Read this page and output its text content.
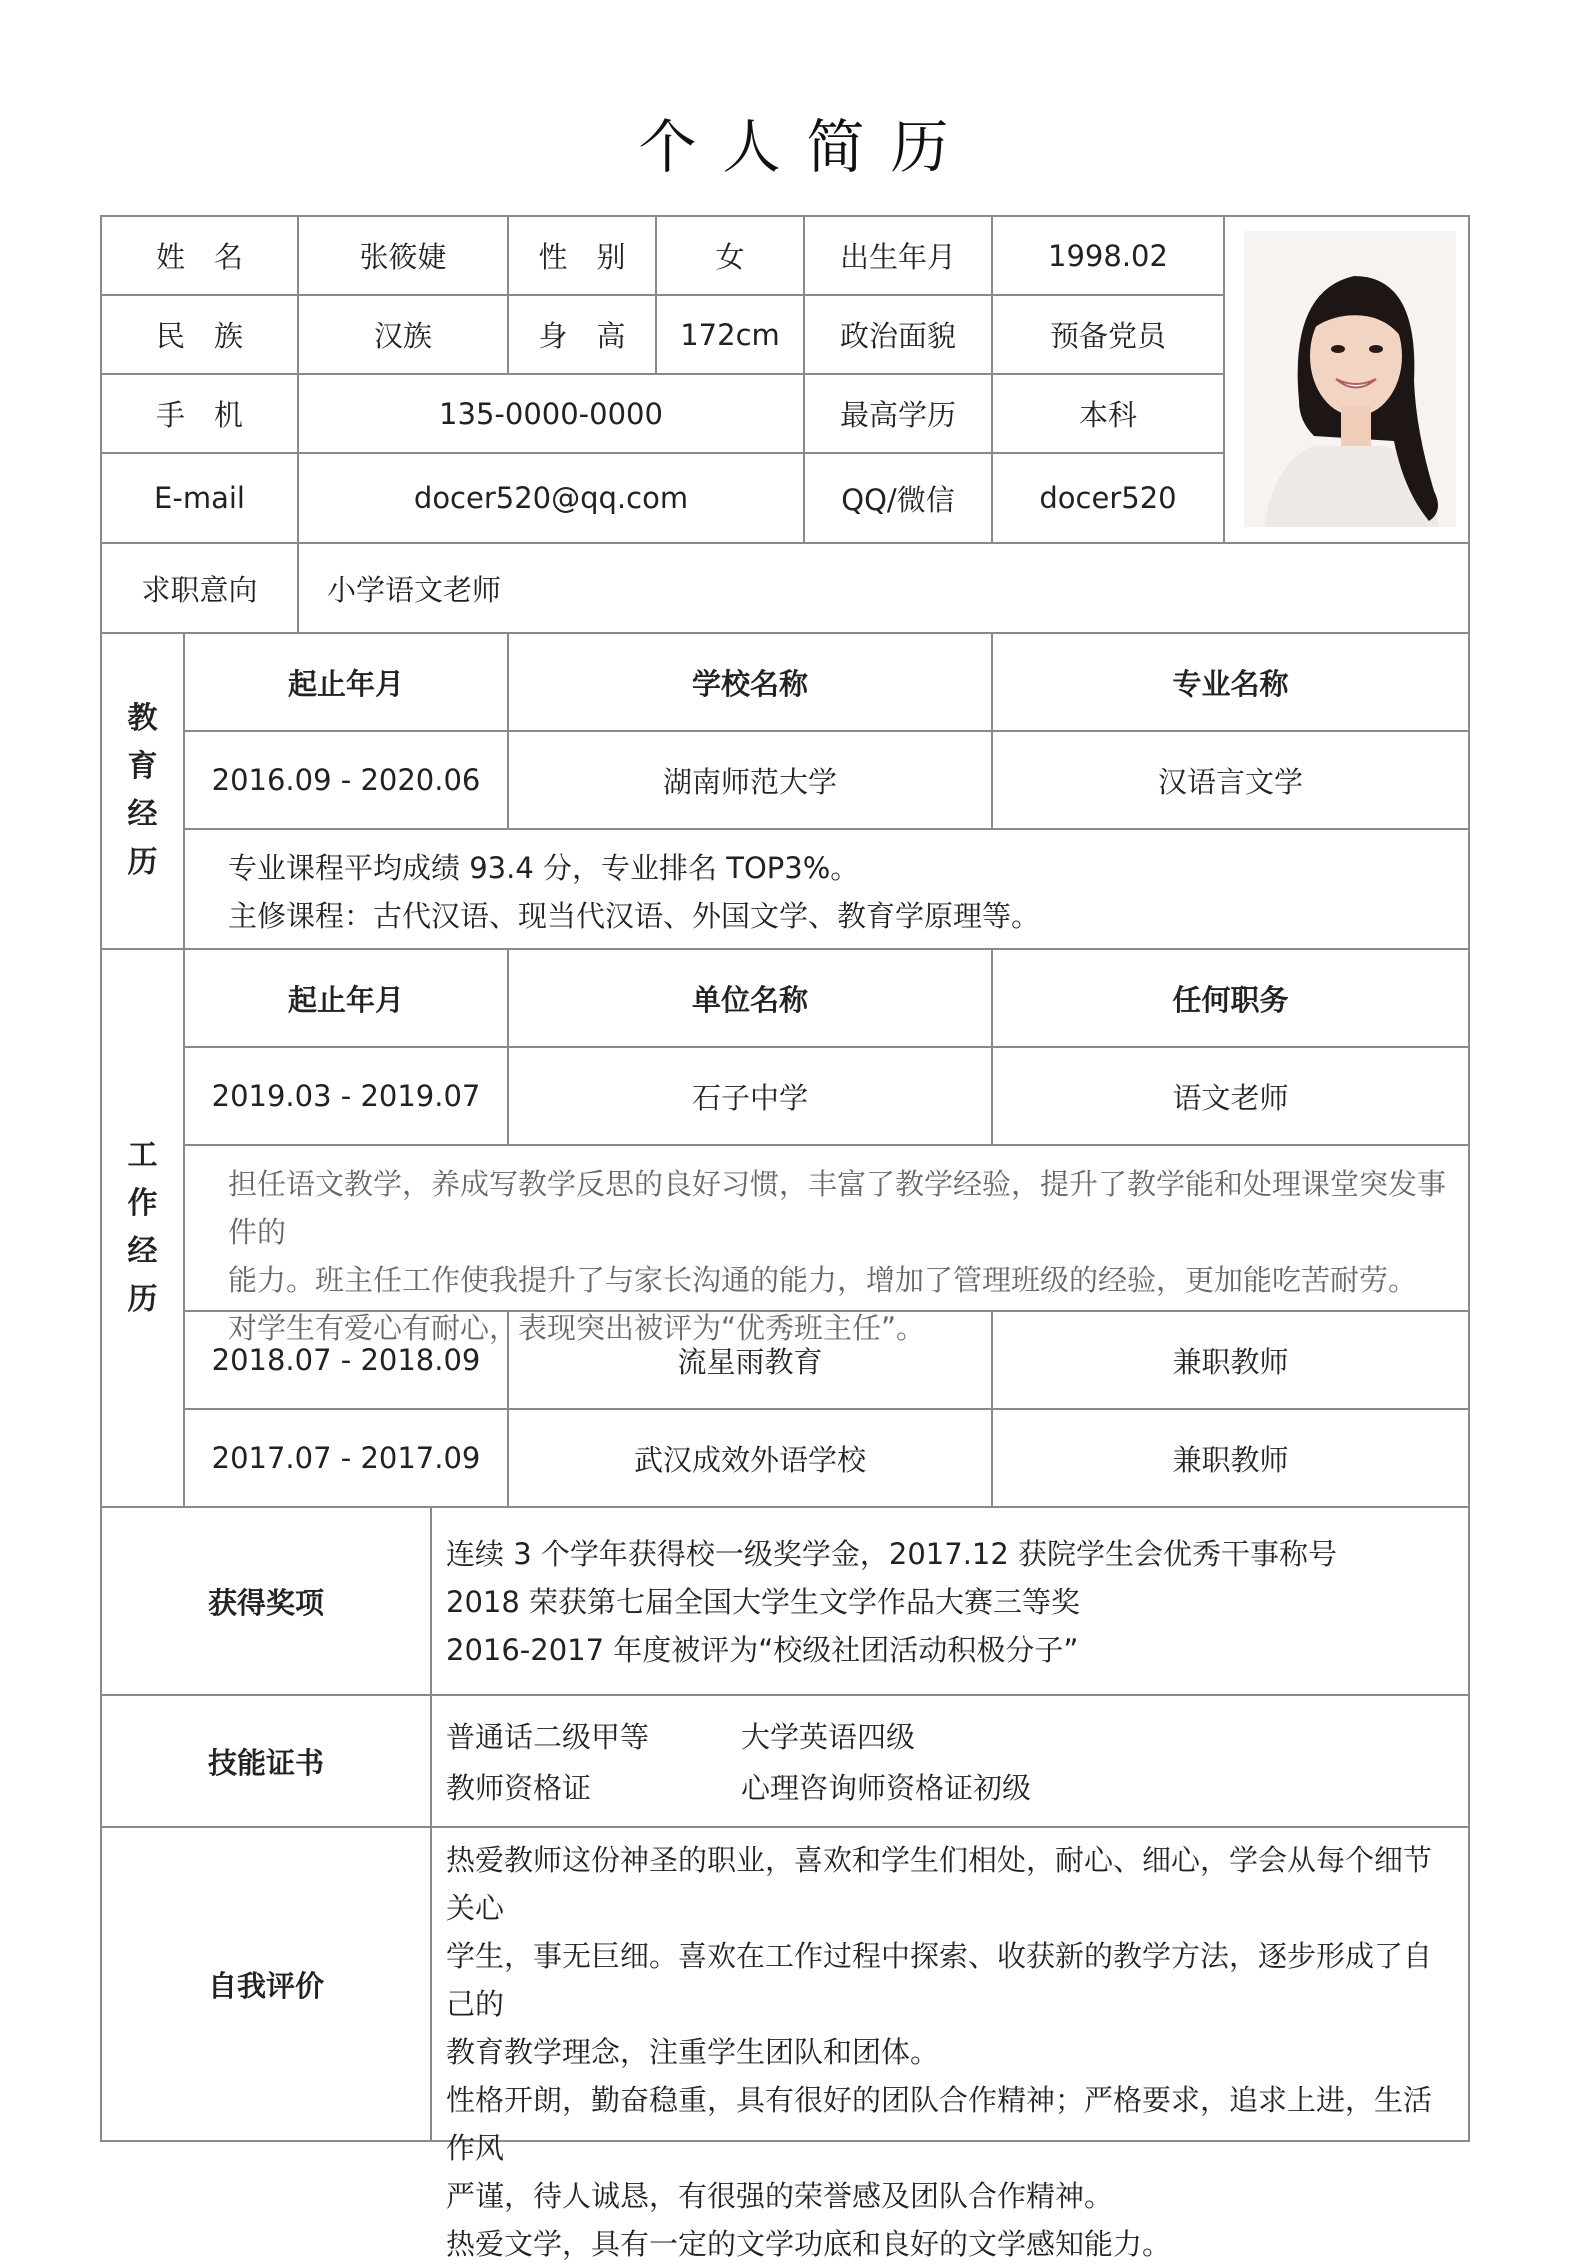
个人简历
姓　名	张筱婕	性　别	女	出生年月	1998.02
民　族	汉族	身　高	172cm	政治面貌	预备党员
手　机	135-0000-0000	最高学历	本科
E-mail	docer520@qq.com	QQ/微信	docer520
求职意向	小学语文老师
教
育
经
历
起止年月	学校名称	专业名称
2016.09 - 2020.06	湖南师范大学	汉语言文学
专业课程平均成绩 93.4 分，专业排名 TOP3%。
主修课程：古代汉语、现当代汉语、外国文学、教育学原理等。
工
作
经
历
起止年月	单位名称	任何职务
2019.03 - 2019.07	石子中学	语文老师
担任语文教学，养成写教学反思的良好习惯，丰富了教学经验，提升了教学能和处理课堂突发事件的
能力。班主任工作使我提升了与家长沟通的能力，增加了管理班级的经验，更加能吃苦耐劳。
对学生有爱心有耐心，表现突出被评为“优秀班主任”。
2018.07 - 2018.09	流星雨教育	兼职教师
2017.07 - 2017.09	武汉成效外语学校	兼职教师
获得奖项
连续 3 个学年获得校一级奖学金，2017.12 获院学生会优秀干事称号
2018 荣获第七届全国大学生文学作品大赛三等奖
2016-2017 年度被评为“校级社团活动积极分子”
技能证书
普通话二级甲等	大学英语四级
教师资格证	心理咨询师资格证初级
自我评价
热爱教师这份神圣的职业，喜欢和学生们相处，耐心、细心，学会从每个细节关心
学生，事无巨细。喜欢在工作过程中探索、收获新的教学方法，逐步形成了自己的
教育教学理念，注重学生团队和团体。
性格开朗，勤奋稳重，具有很好的团队合作精神；严格要求，追求上进，生活作风
严谨，待人诚恳，有很强的荣誉感及团队合作精神。
热爱文学，具有一定的文学功底和良好的文学感知能力。
